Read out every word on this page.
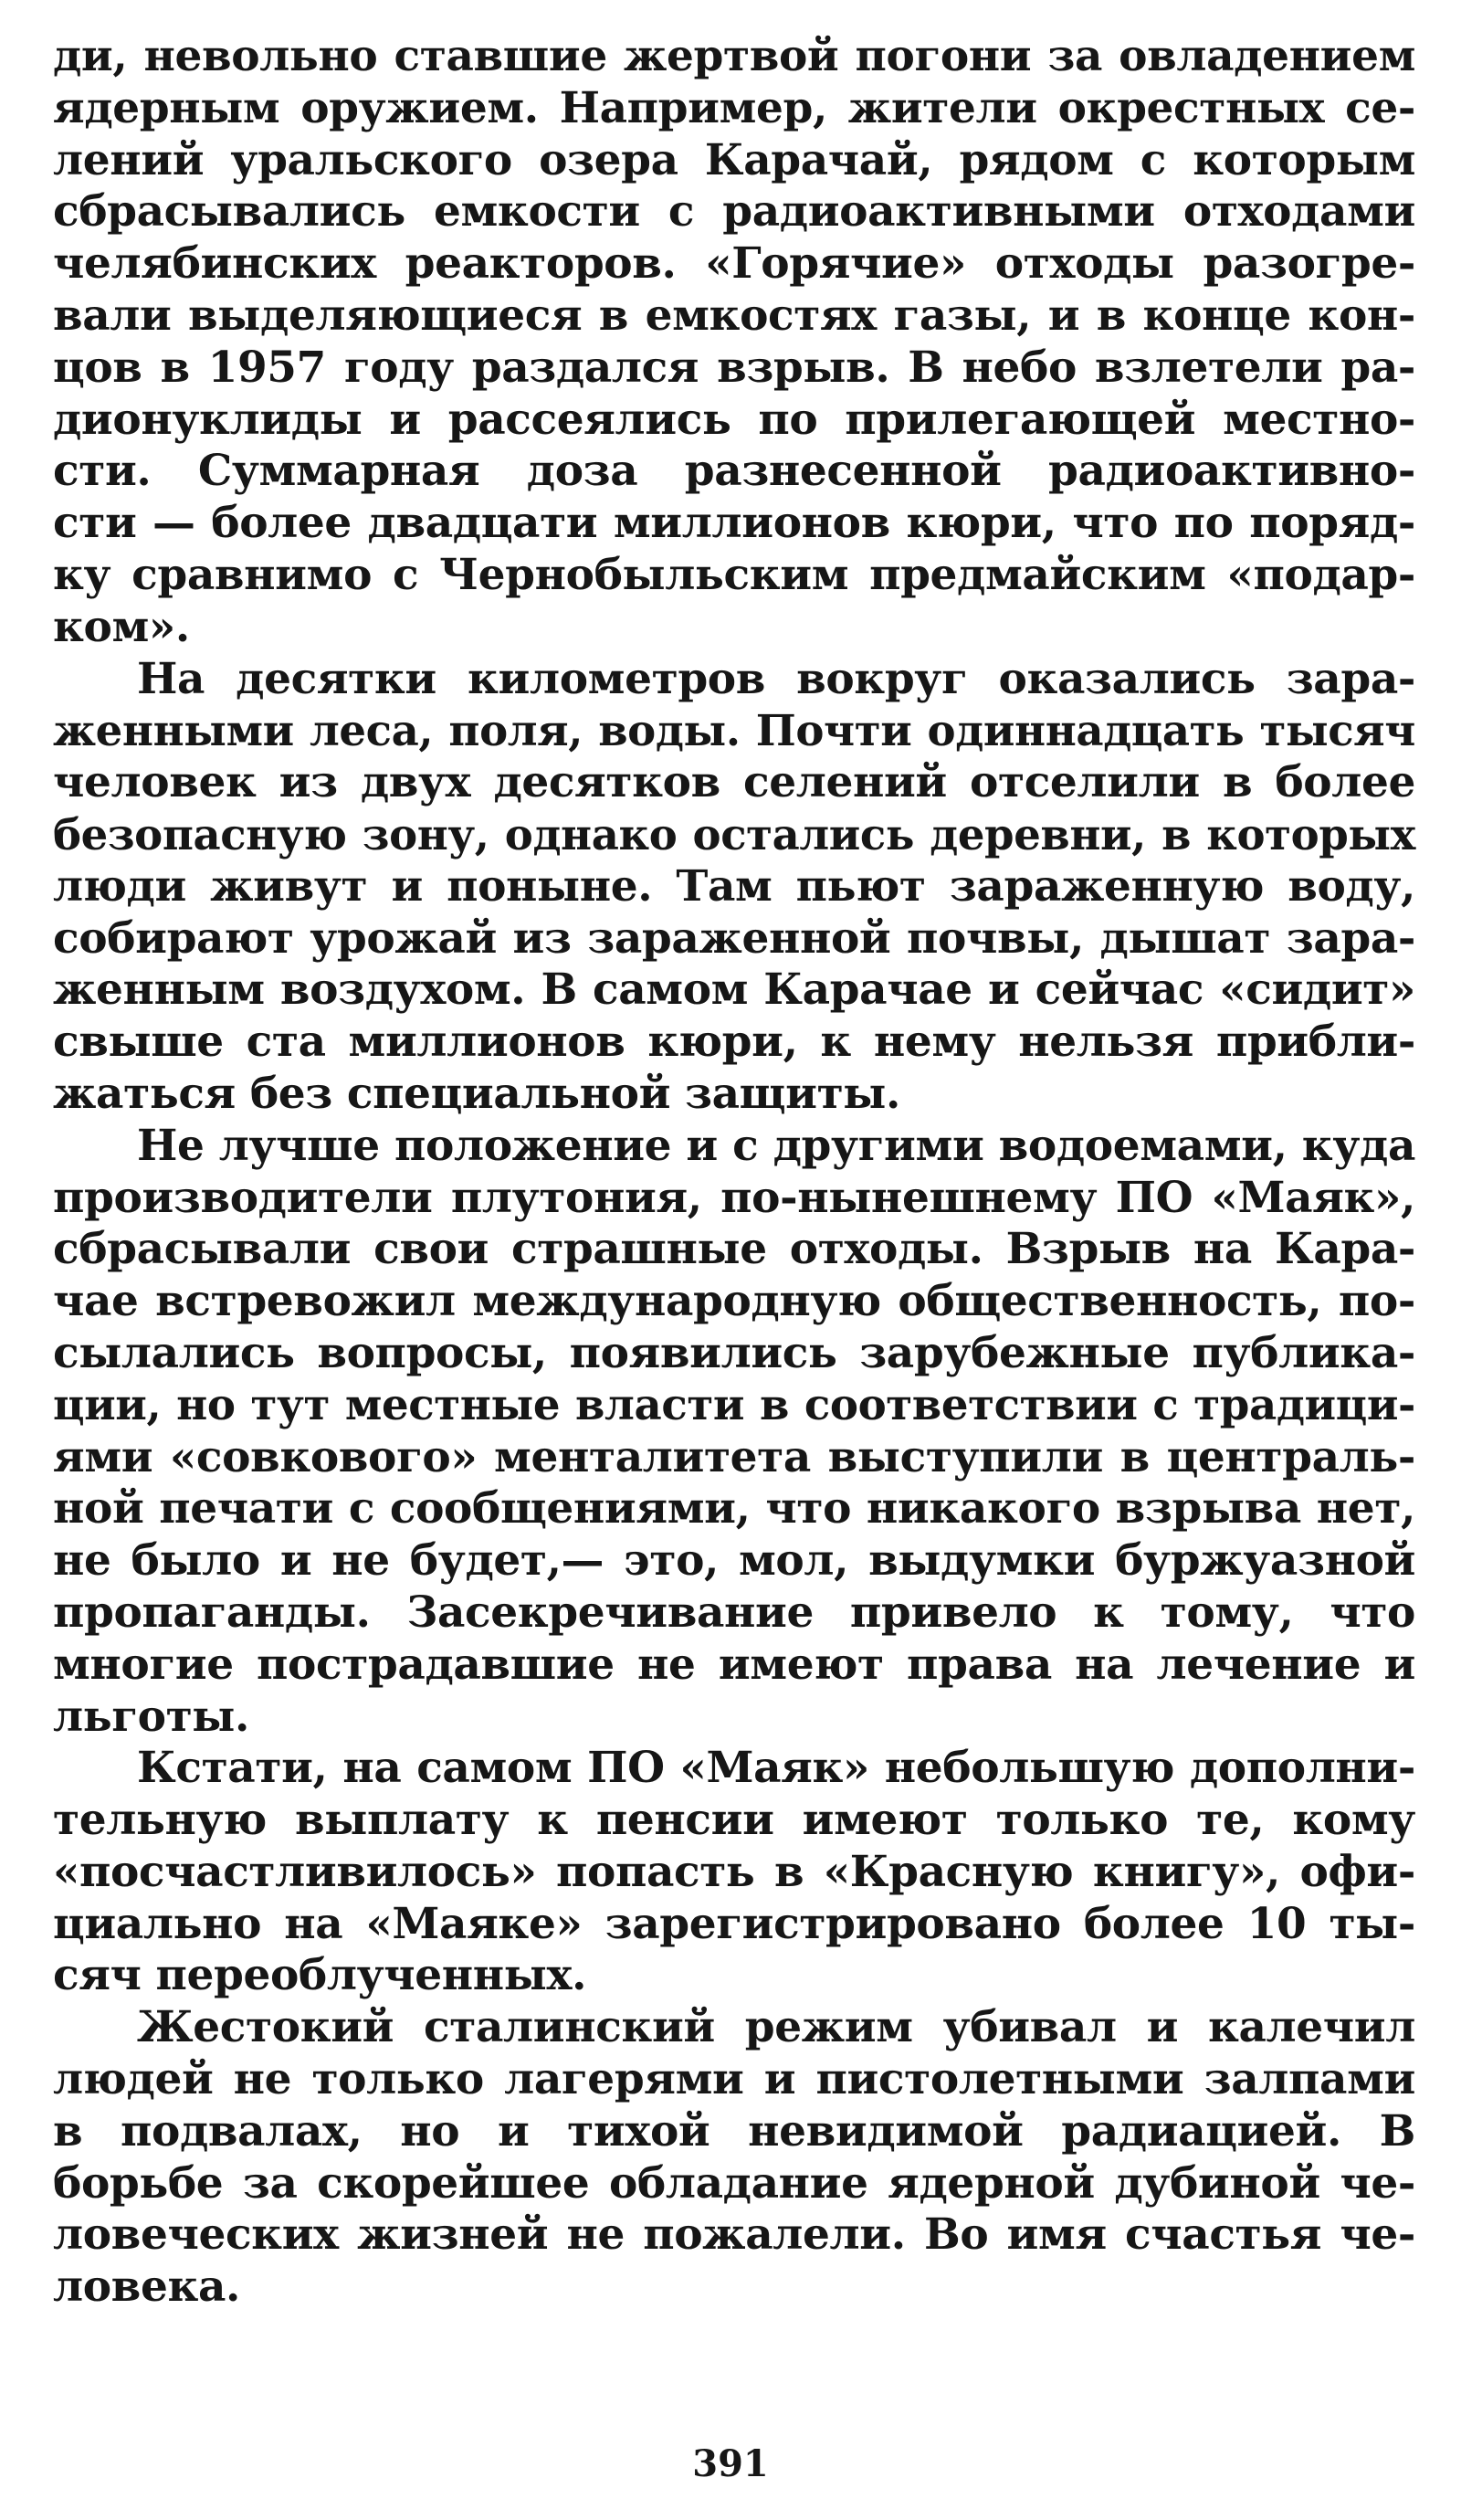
ди, невольно ставшие жертвой погони за овладением
ядерным оружием. Например, жители окрестных се-
лений уральского озера Карачай, рядом с которым
сбрасывались емкости с радиоактивными отходами
челябинских реакторов. «Горячие» отходы разогре-
вали выделяющиеся в емкостях газы, и в конце кон-
цов в 1957 году раздался взрыв. В небо взлетели ра-
дионуклиды и рассеялись по прилегающей местно-
сти. Суммарная доза разнесенной радиоактивно-
сти — более двадцати миллионов кюри, что по поряд-
ку сравнимо с Чернобыльским предмайским «подар-
ком».
На десятки километров вокруг оказались зара-
женными леса, поля, воды. Почти одиннадцать тысяч
человек из двух десятков селений отселили в более
безопасную зону, однако остались деревни, в которых
люди живут и поныне. Там пьют зараженную воду,
собирают урожай из зараженной почвы, дышат зара-
женным воздухом. В самом Карачае и сейчас «сидит»
свыше ста миллионов кюри, к нему нельзя прибли-
жаться без специальной защиты.
Не лучше положение и с другими водоемами, куда
производители плутония, по-нынешнему ПО «Маяк»,
сбрасывали свои страшные отходы. Взрыв на Кара-
чае встревожил международную общественность, по-
сылались вопросы, появились зарубежные публика-
ции, но тут местные власти в соответствии с традици-
ями «совкового» менталитета выступили в централь-
ной печати с сообщениями, что никакого взрыва нет,
не было и не будет,— это, мол, выдумки буржуазной
пропаганды. Засекречивание привело к тому, что
многие пострадавшие не имеют права на лечение и
льготы.
Кстати, на самом ПО «Маяк» небольшую дополни-
тельную выплату к пенсии имеют только те, кому
«посчастливилось» попасть в «Красную книгу», офи-
циально на «Маяке» зарегистрировано более 10 ты-
сяч переоблученных.
Жестокий сталинский режим убивал и калечил
людей не только лагерями и пистолетными залпами
в подвалах, но и тихой невидимой радиацией. В
борьбе за скорейшее обладание ядерной дубиной че-
ловеческих жизней не пожалели. Во имя счастья че-
ловека.
391
